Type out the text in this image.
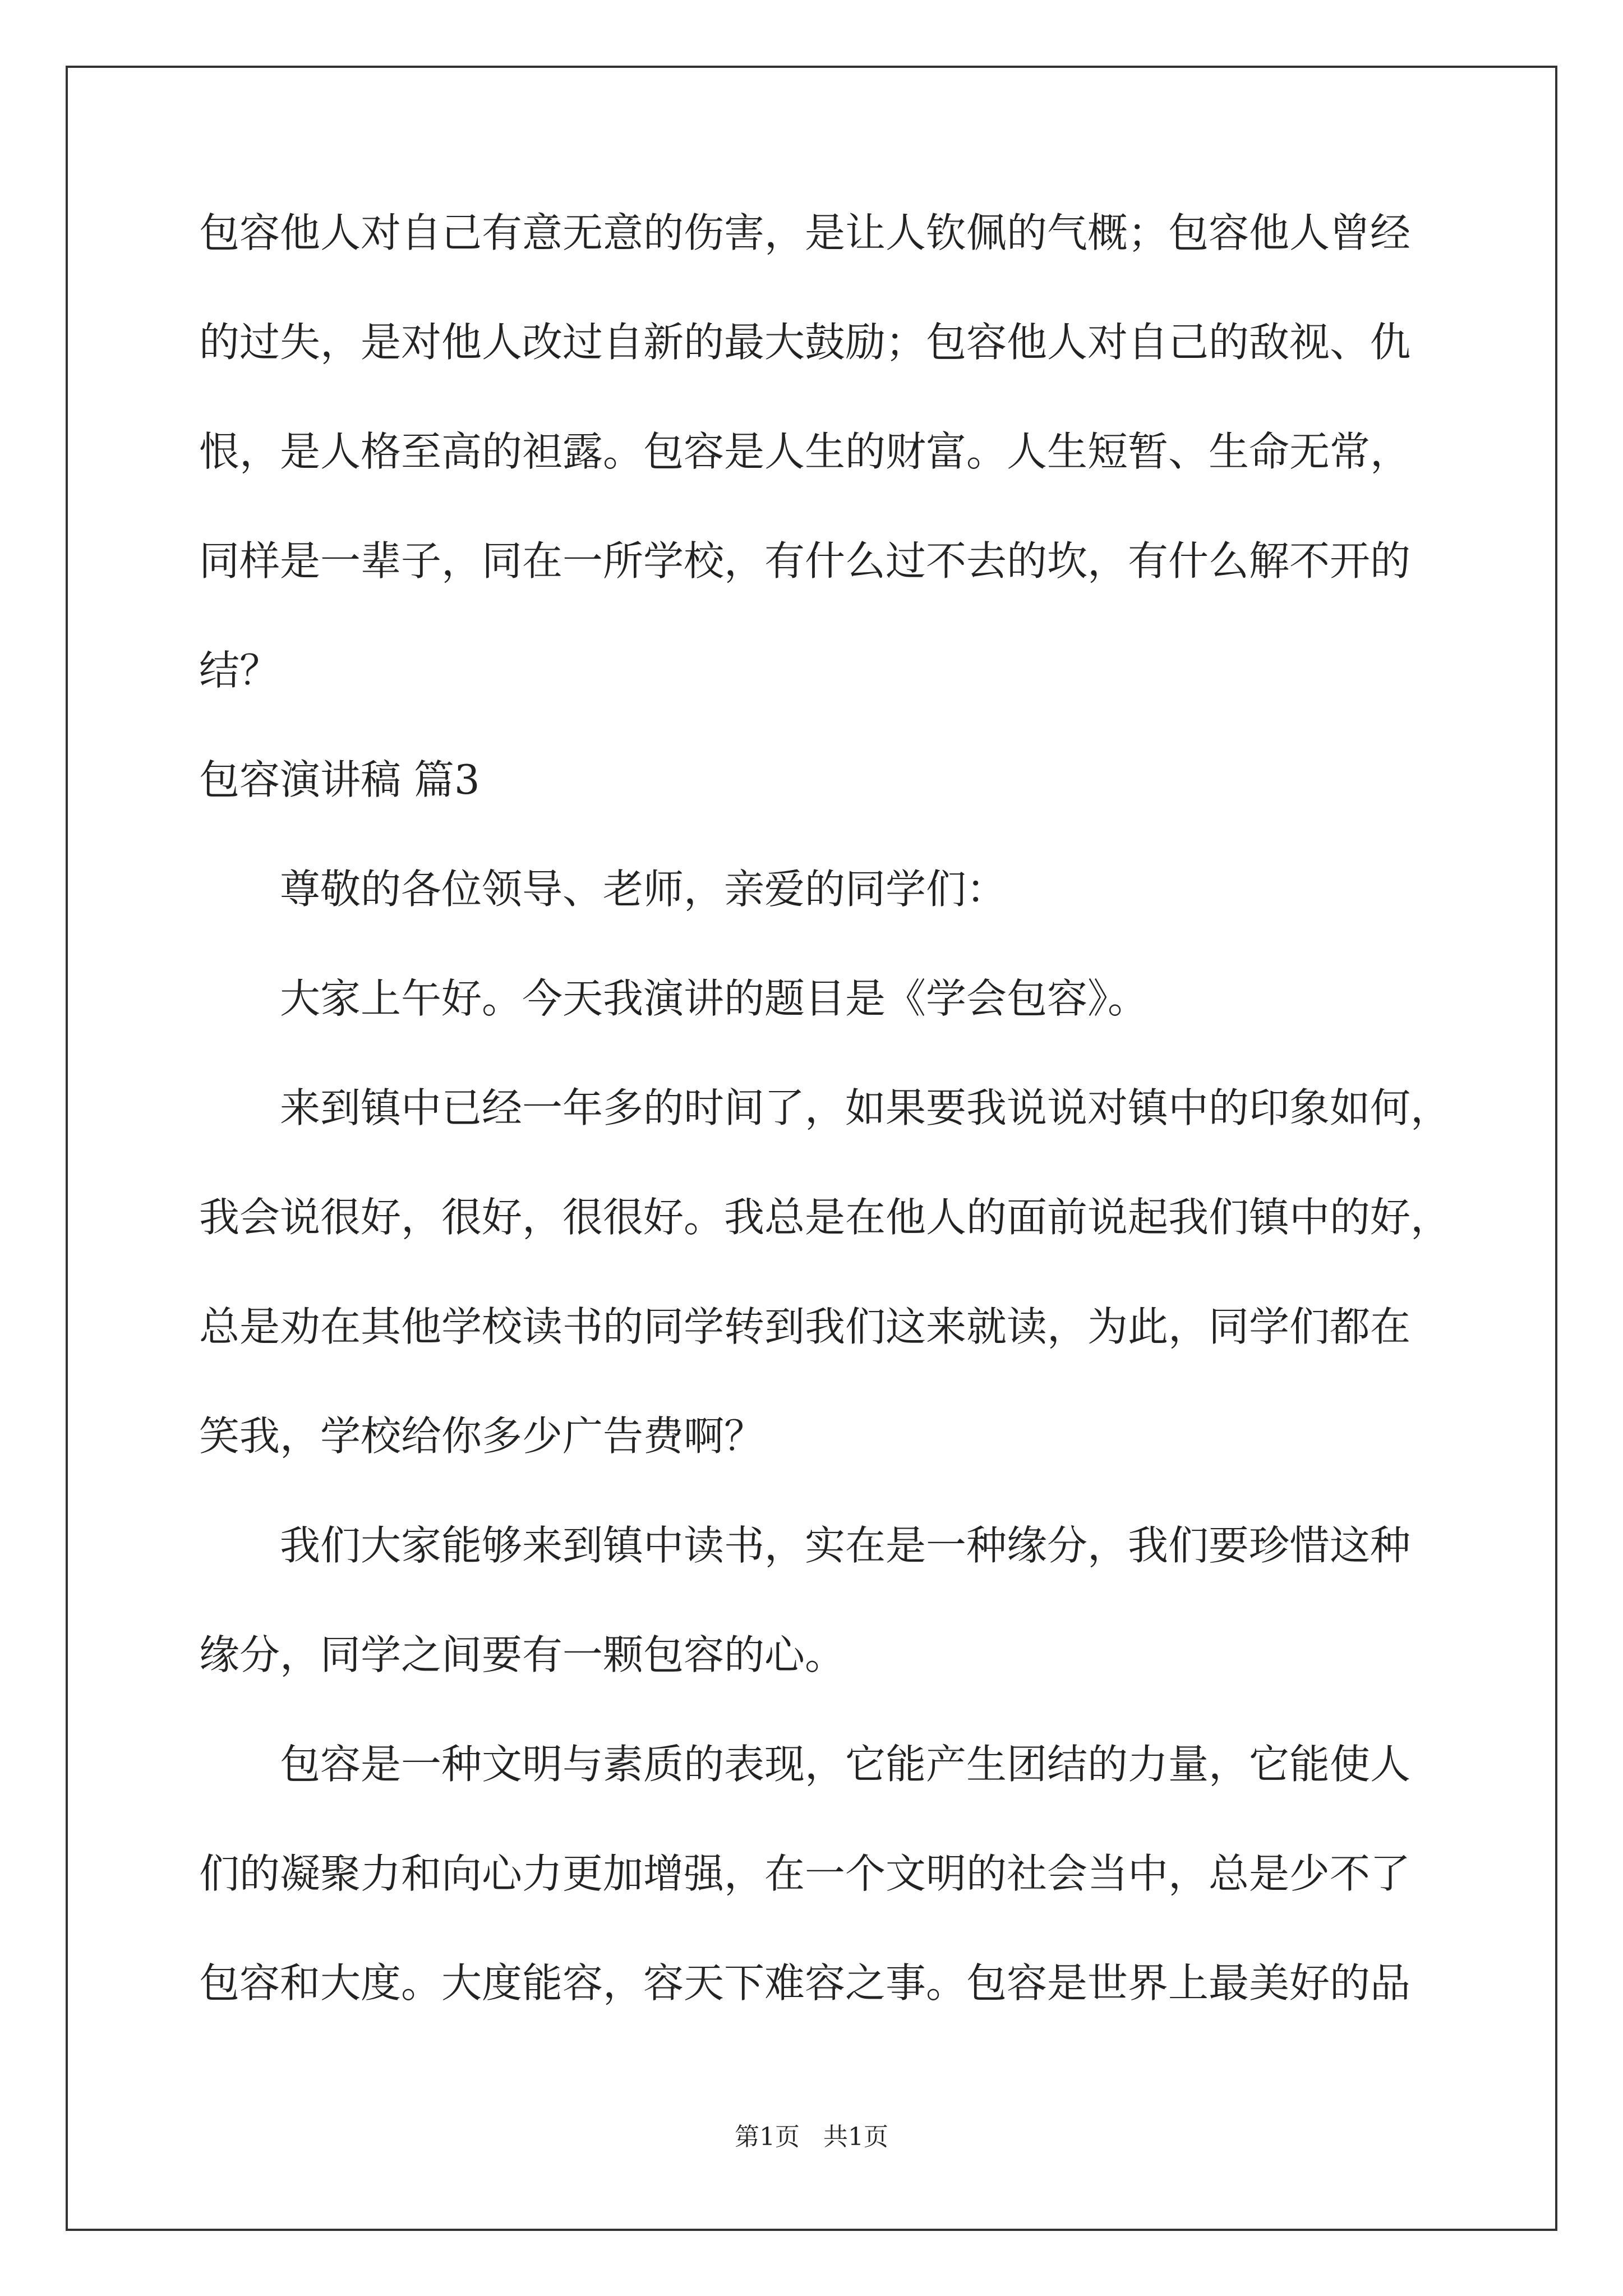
包容他人对自己有意无意的伤害，是让人钦佩的气概；包容他人曾经
的过失，是对他人改过自新的最大鼓励；包容他人对自己的敌视、仇
恨，是人格至高的袒露。包容是人生的财富。人生短暂、生命无常，
同样是一辈子，同在一所学校，有什么过不去的坎，有什么解不开的
结？
包容演讲稿 篇3
尊敬的各位领导、老师，亲爱的同学们：
大家上午好。今天我演讲的题目是《学会包容》。
来到镇中已经一年多的时间了，如果要我说说对镇中的印象如何，
我会说很好，很好，很很好。我总是在他人的面前说起我们镇中的好，
总是劝在其他学校读书的同学转到我们这来就读，为此，同学们都在
笑我，学校给你多少广告费啊？
我们大家能够来到镇中读书，实在是一种缘分，我们要珍惜这种
缘分，同学之间要有一颗包容的心。
包容是一种文明与素质的表现，它能产生团结的力量，它能使人
们的凝聚力和向心力更加增强，在一个文明的社会当中，总是少不了
包容和大度。大度能容，容天下难容之事。包容是世界上最美好的品
第1页   共1页
